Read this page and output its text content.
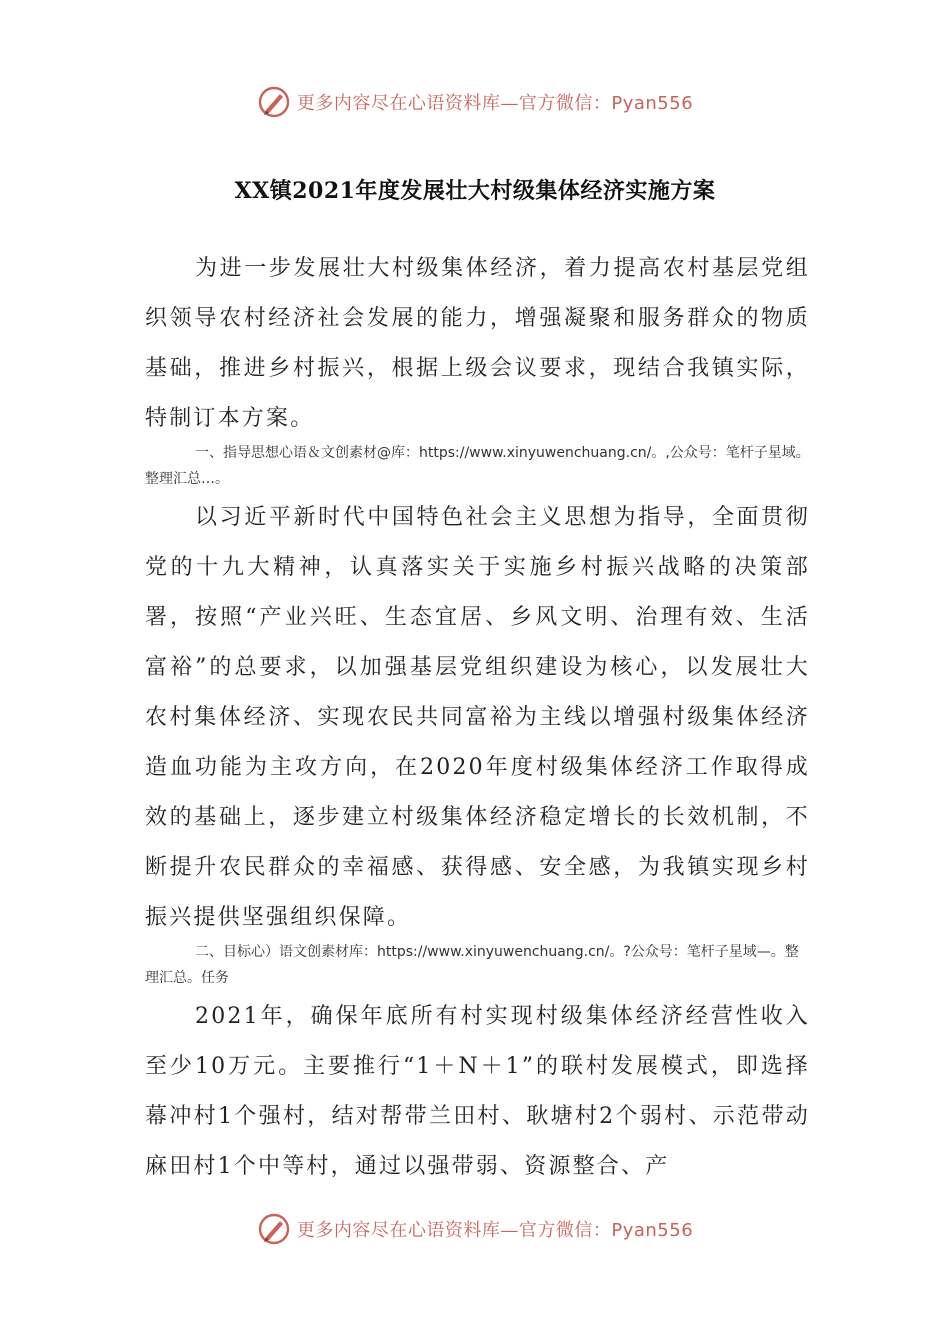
更多内容尽在心语资料库—官方微信：Pyan556
XX镇2021年度发展壮大村级集体经济实施方案

为进一步发展壮大村级集体经济，着力提高农村基层党组织领导农村经济社会发展的能力，增强凝聚和服务群众的物质基础，推进乡村振兴，根据上级会议要求，现结合我镇实际，特制订本方案。

一、指导思想心语＆文创素材@库：https://www.xinyuwenchuang.cn/。,公众号：笔杆子星域。整理汇总…。

以习近平新时代中国特色社会主义思想为指导，全面贯彻党的十九大精神，认真落实关于实施乡村振兴战略的决策部署，按照“产业兴旺、生态宜居、乡风文明、治理有效、生活富裕”的总要求，以加强基层党组织建设为核心，以发展壮大农村集体经济、实现农民共同富裕为主线以增强村级集体经济造血功能为主攻方向，在2020年度村级集体经济工作取得成效的基础上，逐步建立村级集体经济稳定增长的长效机制，不断提升农民群众的幸福感、获得感、安全感，为我镇实现乡村振兴提供坚强组织保障。

二、目标心）语文创素材库：https://www.xinyuwenchuang.cn/。?公众号：笔杆子星域—。整理汇总。任务

2021年，确保年底所有村实现村级集体经济经营性收入至少10万元。主要推行“1＋N＋1”的联村发展模式，即选择幕冲村1个强村，结对帮带兰田村、耿塘村2个弱村、示范带动麻田村1个中等村，通过以强带弱、资源整合、产

更多内容尽在心语资料库—官方微信：Pyan556
